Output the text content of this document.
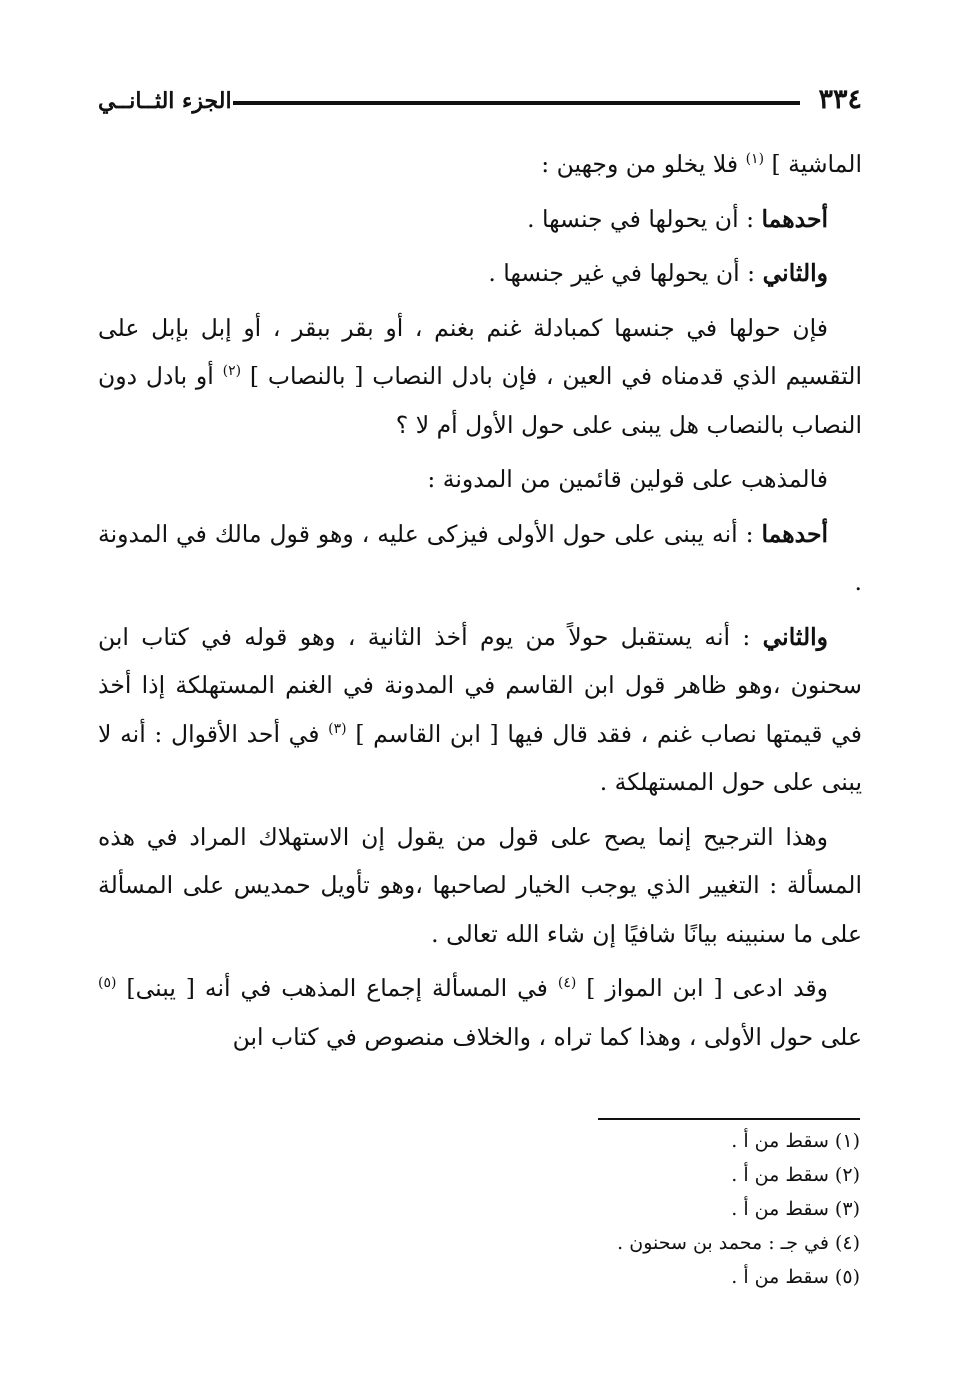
٣٣٤
الجزء الثــانــي

الماشية ] $^{(١)}$ فلا يخلو من وجهين :

أحدهما : أن يحولها في جنسها .

والثاني : أن يحولها في غير جنسها .

فإن حولها في جنسها كمبادلة غنم بغنم ، أو بقر ببقر ، أو إبل بإبل على التقسيم الذي قدمناه في العين ، فإن بادل النصاب [ بالنصاب ] $^{(٢)}$ أو بادل دون النصاب بالنصاب هل يبنى على حول الأول أم لا ؟

فالمذهب على قولين قائمين من المدونة :

أحدهما : أنه يبنى على حول الأولى فيزكى عليه ، وهو قول مالك في المدونة .

والثاني : أنه يستقبل حولاً من يوم أخذ الثانية ، وهو قوله في كتاب ابن سحنون ،وهو ظاهر قول ابن القاسم في المدونة في الغنم المستهلكة إذا أخذ في قيمتها نصاب غنم ، فقد قال فيها [ ابن القاسم ] $^{(٣)}$ في أحد الأقوال : أنه لا يبنى على حول المستهلكة .

وهذا الترجيح إنما يصح على قول من يقول إن الاستهلاك المراد في هذه المسألة : التغيير الذي يوجب الخيار لصاحبها ،وهو تأويل حمديس على المسألة على ما سنبينه بيانًا شافيًا إن شاء الله تعالى .

وقد ادعى [ ابن المواز ] $^{(٤)}$ في المسألة إجماع المذهب في أنه [ يبنى] $^{(٥)}$ على حول الأولى ، وهذا كما تراه ، والخلاف منصوص في كتاب ابن

(١) سقط من أ .
(٢) سقط من أ .
(٣) سقط من أ .
(٤) في جـ : محمد بن سحنون .
(٥) سقط من أ .
